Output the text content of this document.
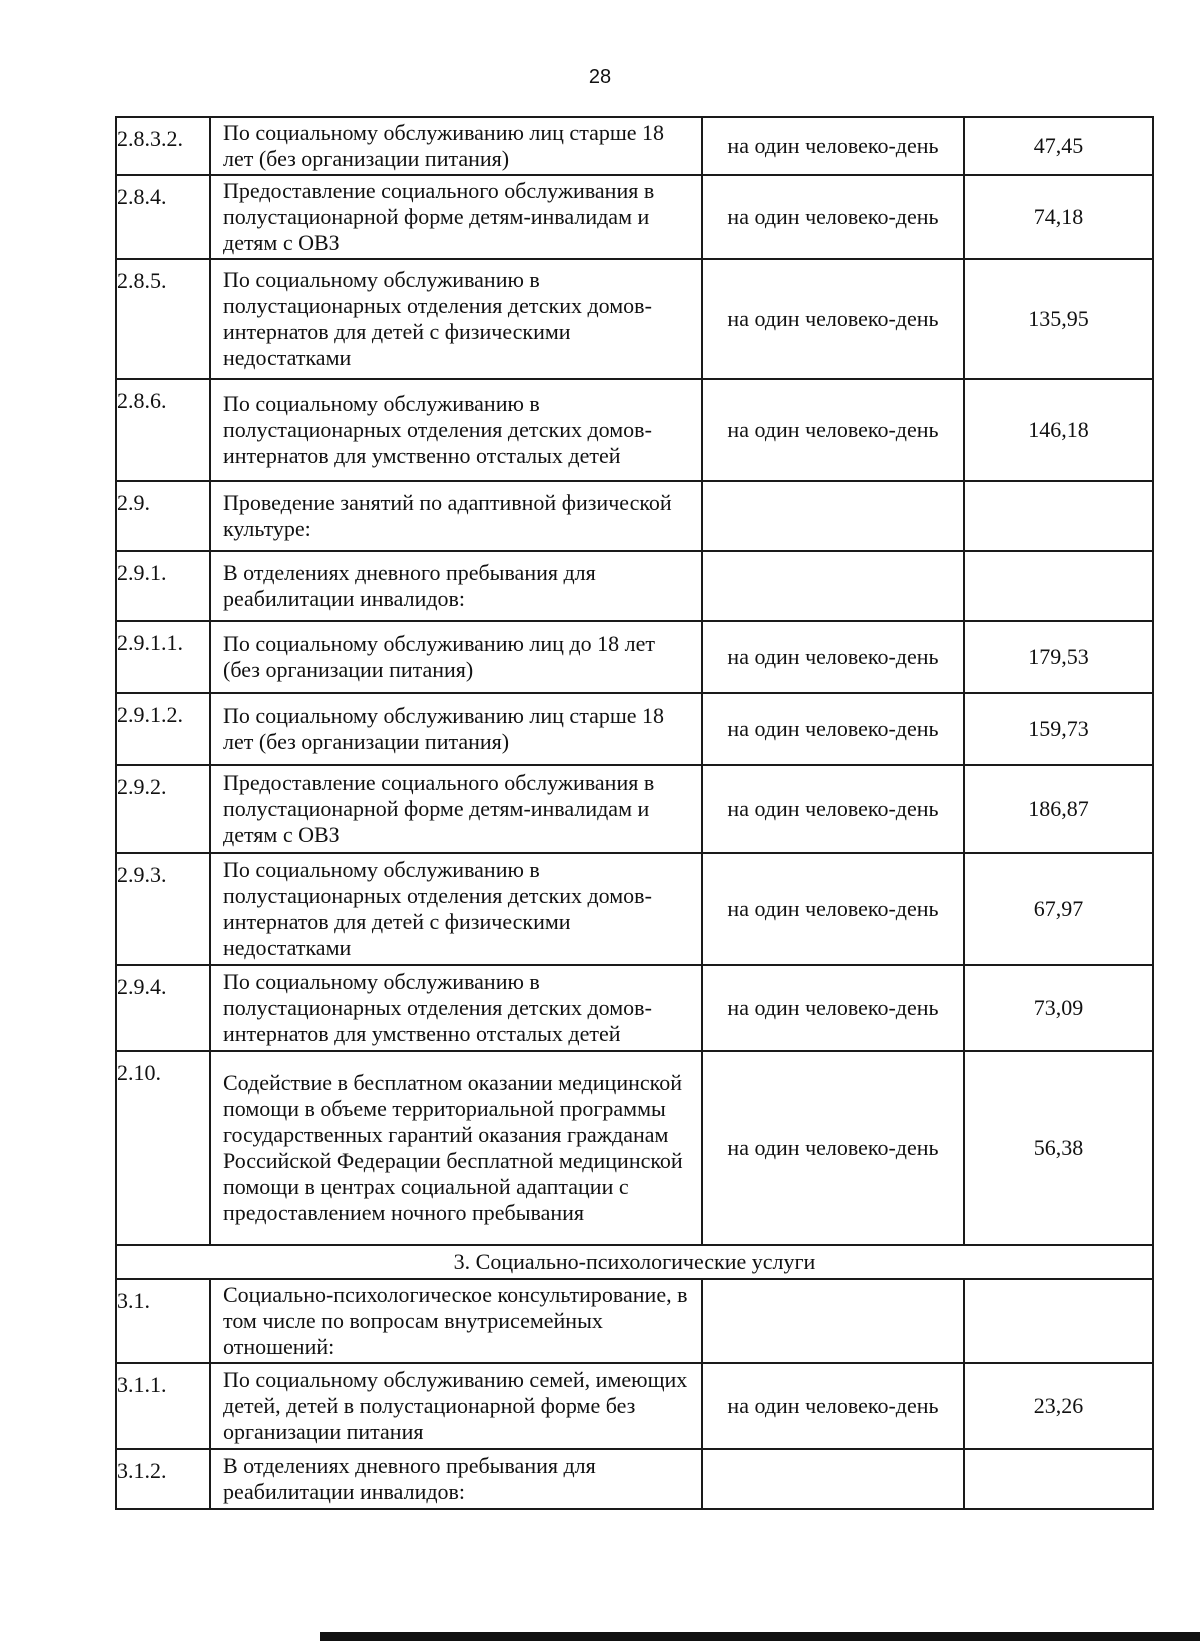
28
2.8.3.2.	По социальному обслуживанию лиц старше 18 лет (без организации питания)	на один человеко-день	47,45
2.8.4.	Предоставление социального обслуживания в полустационарной форме детям-инвалидам и детям с ОВЗ	на один человеко-день	74,18
2.8.5.	По социальному обслуживанию в полустационарных отделения детских домов-интернатов для детей с физическими недостатками	на один человеко-день	135,95
2.8.6.	По социальному обслуживанию в полустационарных отделения детских домов-интернатов для умственно отсталых детей	на один человеко-день	146,18
2.9.	Проведение занятий по адаптивной физической культуре:		
2.9.1.	В отделениях дневного пребывания для реабилитации инвалидов:		
2.9.1.1.	По социальному обслуживанию лиц до 18 лет (без организации питания)	на один человеко-день	179,53
2.9.1.2.	По социальному обслуживанию лиц старше 18 лет (без организации питания)	на один человеко-день	159,73
2.9.2.	Предоставление социального обслуживания в полустационарной форме детям-инвалидам и детям с ОВЗ	на один человеко-день	186,87
2.9.3.	По социальному обслуживанию в полустационарных отделения детских домов-интернатов для детей с физическими недостатками	на один человеко-день	67,97
2.9.4.	По социальному обслуживанию в полустационарных отделения детских домов-интернатов для умственно отсталых детей	на один человеко-день	73,09
2.10.	Содействие в бесплатном оказании медицинской помощи в объеме территориальной программы государственных гарантий оказания гражданам Российской Федерации бесплатной медицинской помощи в центрах социальной адаптации с предоставлением ночного пребывания	на один человеко-день	56,38
3. Социально-психологические услуги			
3.1.	Социально-психологическое консультирование, в том числе по вопросам внутрисемейных отношений:		
3.1.1.	По социальному обслуживанию семей, имеющих детей, детей в полустационарной форме без организации питания	на один человеко-день	23,26
3.1.2.	В отделениях дневного пребывания для реабилитации инвалидов:		
